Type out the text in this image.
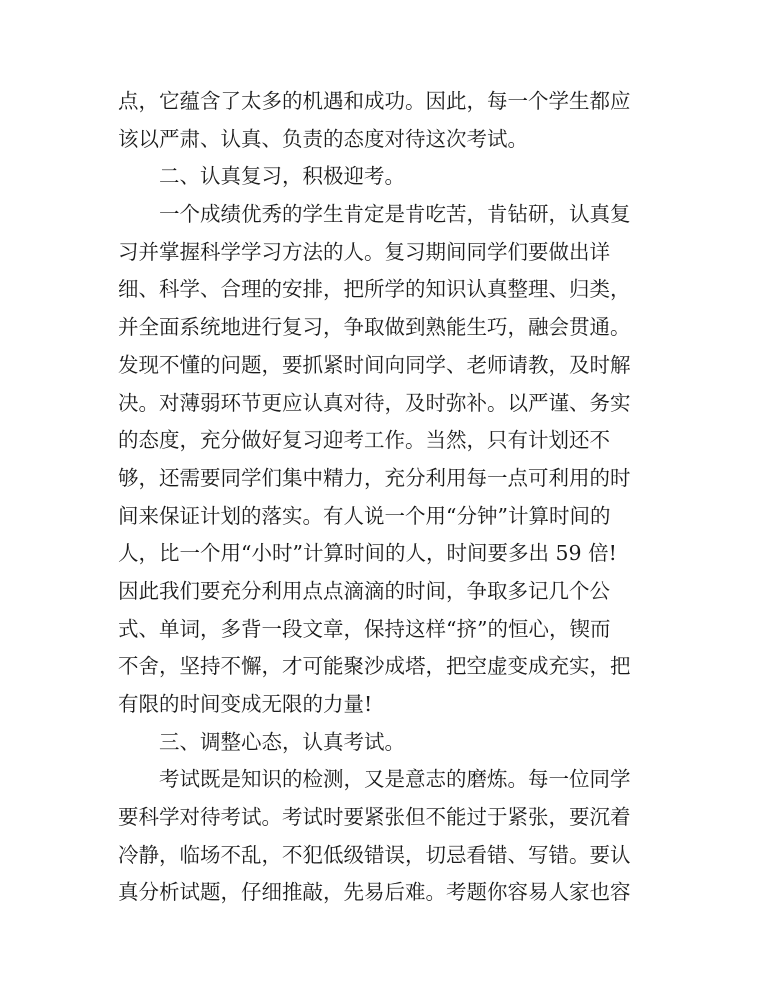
点，它蕴含了太多的机遇和成功。因此，每一个学生都应
该以严肃、认真、负责的态度对待这次考试。
二、认真复习，积极迎考。
一个成绩优秀的学生肯定是肯吃苦，肯钻研，认真复
习并掌握科学学习方法的人。复习期间同学们要做出详
细、科学、合理的安排，把所学的知识认真整理、归类，
并全面系统地进行复习，争取做到熟能生巧，融会贯通。
发现不懂的问题，要抓紧时间向同学、老师请教，及时解
决。对薄弱环节更应认真对待，及时弥补。以严谨、务实
的态度，充分做好复习迎考工作。当然，只有计划还不
够，还需要同学们集中精力，充分利用每一点可利用的时
间来保证计划的落实。有人说一个用“分钟”计算时间的
人，比一个用“小时”计算时间的人，时间要多出 59 倍!
因此我们要充分利用点点滴滴的时间，争取多记几个公
式、单词，多背一段文章，保持这样“挤”的恒心，锲而
不舍，坚持不懈，才可能聚沙成塔，把空虚变成充实，把
有限的时间变成无限的力量!
三、调整心态，认真考试。
考试既是知识的检测，又是意志的磨炼。每一位同学
要科学对待考试。考试时要紧张但不能过于紧张，要沉着
冷静，临场不乱，不犯低级错误，切忌看错、写错。要认
真分析试题，仔细推敲，先易后难。考题你容易人家也容
